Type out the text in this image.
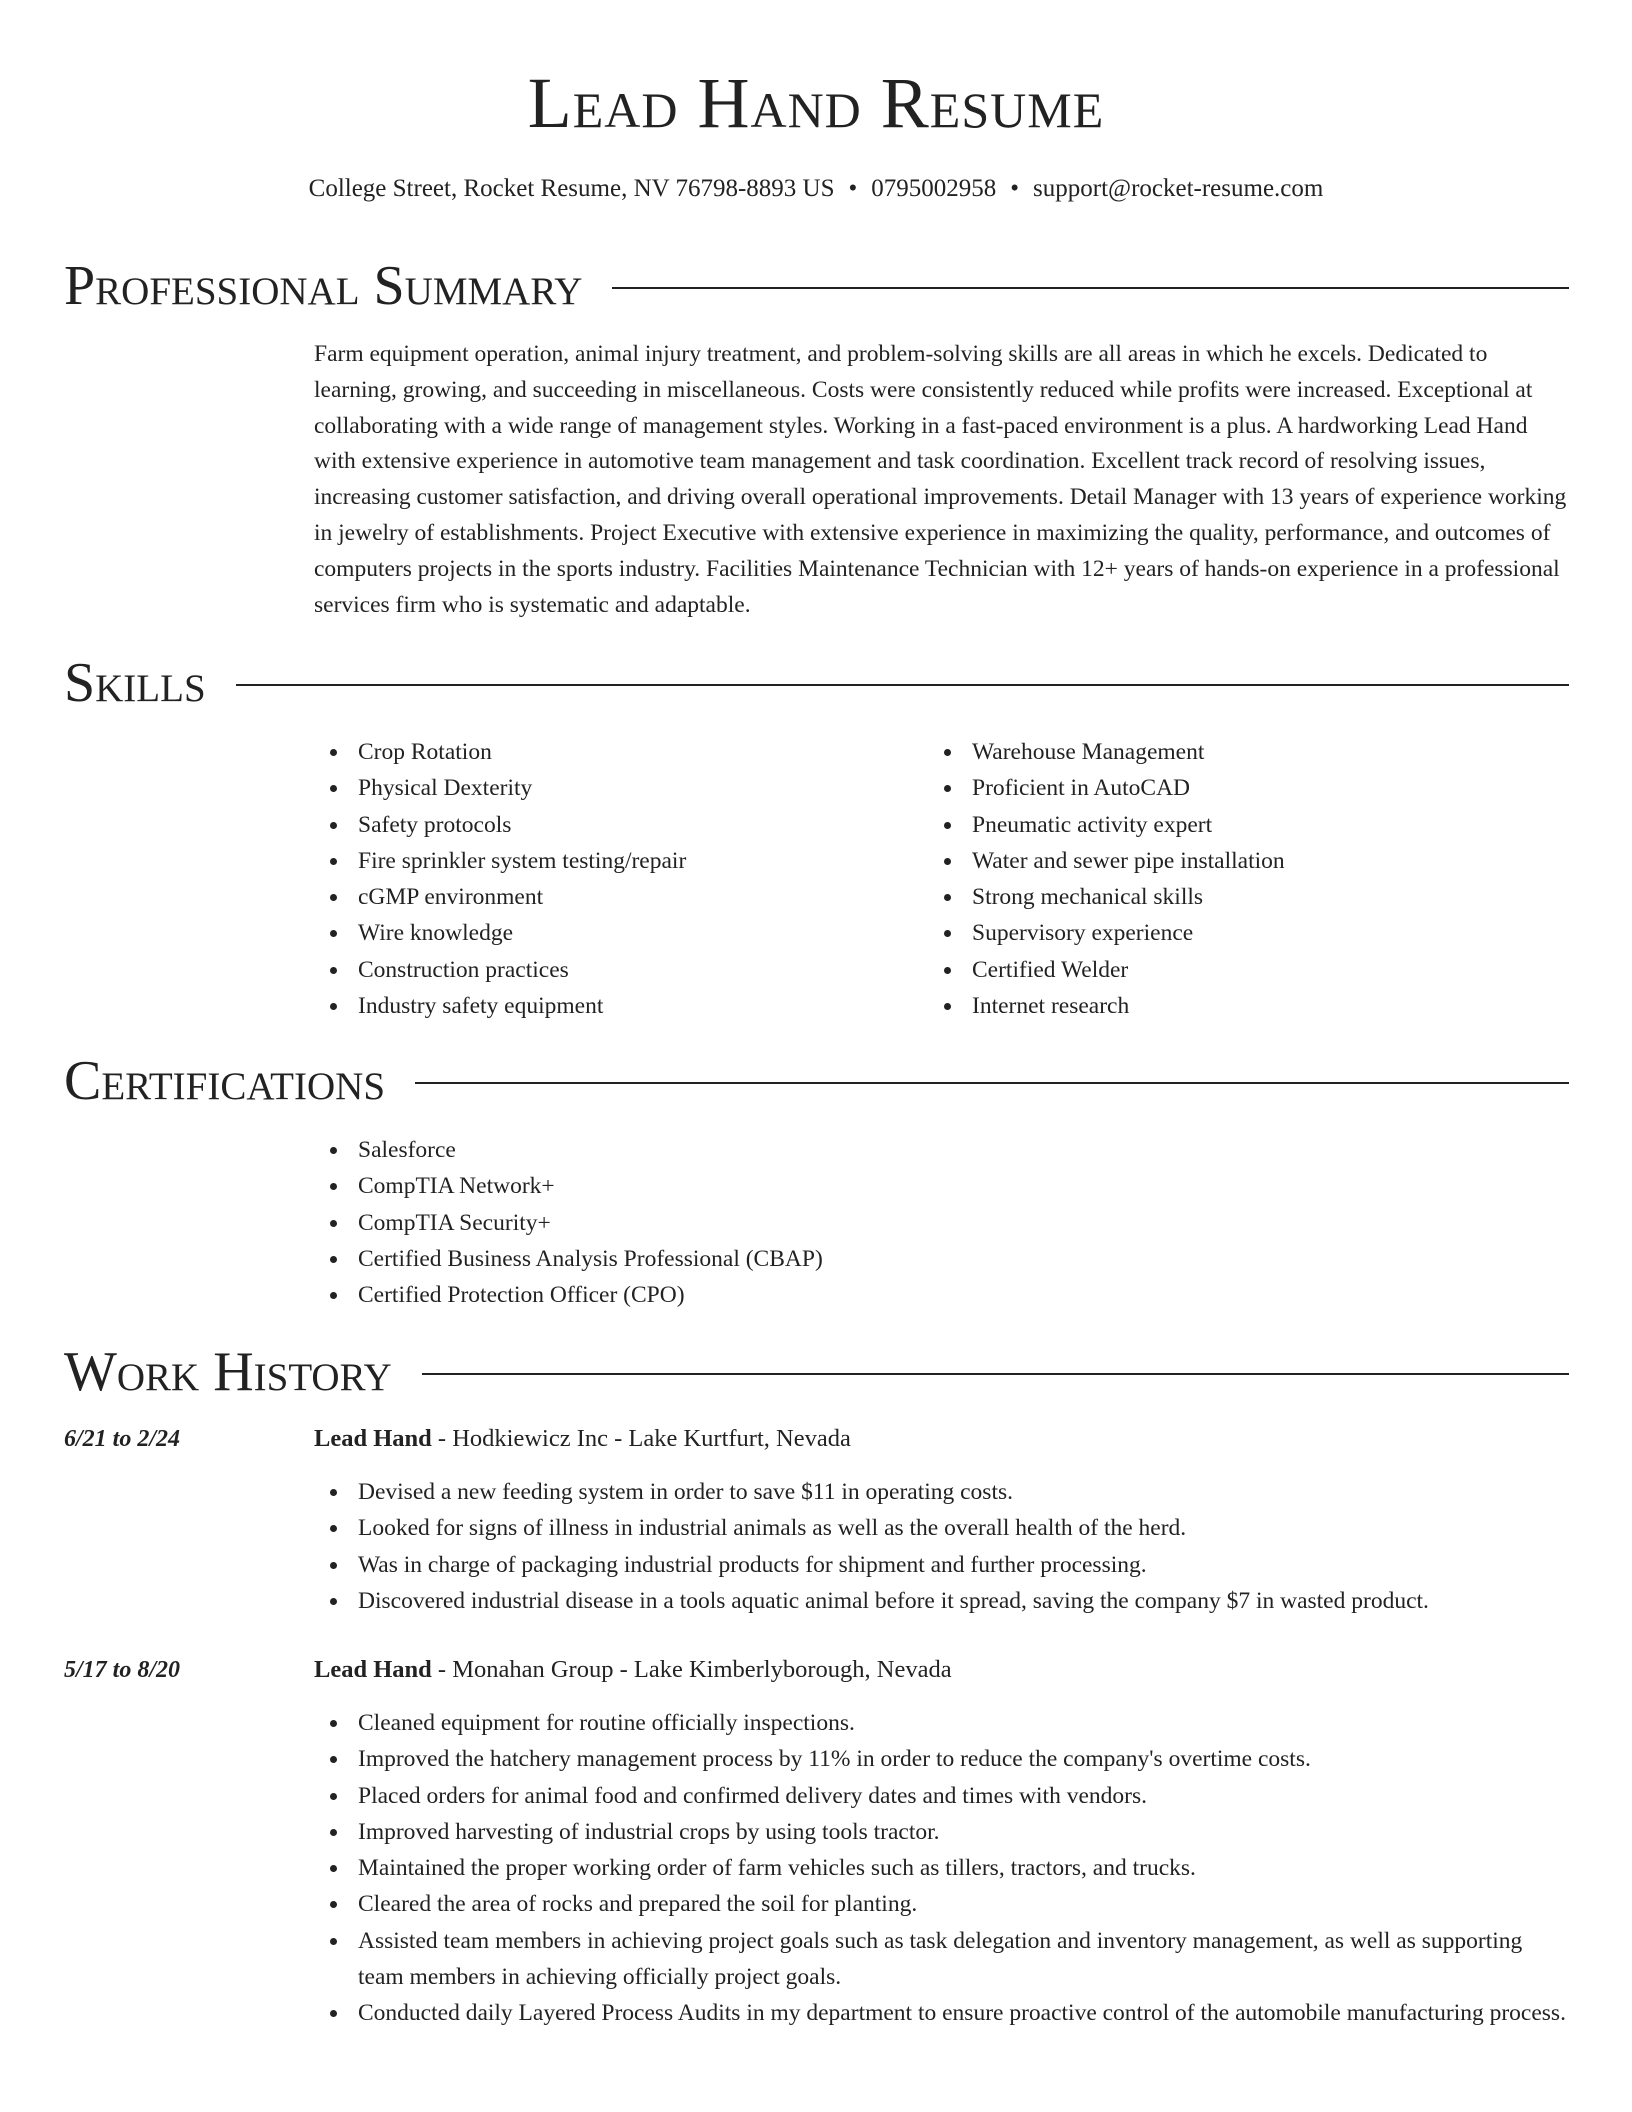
Lead Hand Resume
College Street, Rocket Resume, NV 76798-8893 US • 0795002958 • support@rocket-resume.com
Professional Summary

Farm equipment operation, animal injury treatment, and problem-solving skills are all areas in which he excels. Dedicated to learning, growing, and succeeding in miscellaneous. Costs were consistently reduced while profits were increased. Exceptional at collaborating with a wide range of management styles. Working in a fast-paced environment is a plus. A hardworking Lead Hand with extensive experience in automotive team management and task coordination. Excellent track record of resolving issues, increasing customer satisfaction, and driving overall operational improvements. Detail Manager with 13 years of experience working in jewelry of establishments. Project Executive with extensive experience in maximizing the quality, performance, and outcomes of computers projects in the sports industry. Facilities Maintenance Technician with 12+ years of hands-on experience in a professional services firm who is systematic and adaptable.

Skills
Crop Rotation
Physical Dexterity
Safety protocols
Fire sprinkler system testing/repair
cGMP environment
Wire knowledge
Construction practices
Industry safety equipment
Warehouse Management
Proficient in AutoCAD
Pneumatic activity expert
Water and sewer pipe installation
Strong mechanical skills
Supervisory experience
Certified Welder
Internet research
Certifications
Salesforce
CompTIA Network+
CompTIA Security+
Certified Business Analysis Professional (CBAP)
Certified Protection Officer (CPO)
Work History
6/21 to 2/24	Lead Hand - Hodkiewicz Inc - Lake Kurtfurt, Nevada
Devised a new feeding system in order to save $11 in operating costs.
Looked for signs of illness in industrial animals as well as the overall health of the herd.
Was in charge of packaging industrial products for shipment and further processing.
Discovered industrial disease in a tools aquatic animal before it spread, saving the company $7 in wasted product.
5/17 to 8/20	Lead Hand - Monahan Group - Lake Kimberlyborough, Nevada
Cleaned equipment for routine officially inspections.
Improved the hatchery management process by 11% in order to reduce the company's overtime costs.
Placed orders for animal food and confirmed delivery dates and times with vendors.
Improved harvesting of industrial crops by using tools tractor.
Maintained the proper working order of farm vehicles such as tillers, tractors, and trucks.
Cleared the area of rocks and prepared the soil for planting.
Assisted team members in achieving project goals such as task delegation and inventory management, as well as supporting team members in achieving officially project goals.
Conducted daily Layered Process Audits in my department to ensure proactive control of the automobile manufacturing process.
